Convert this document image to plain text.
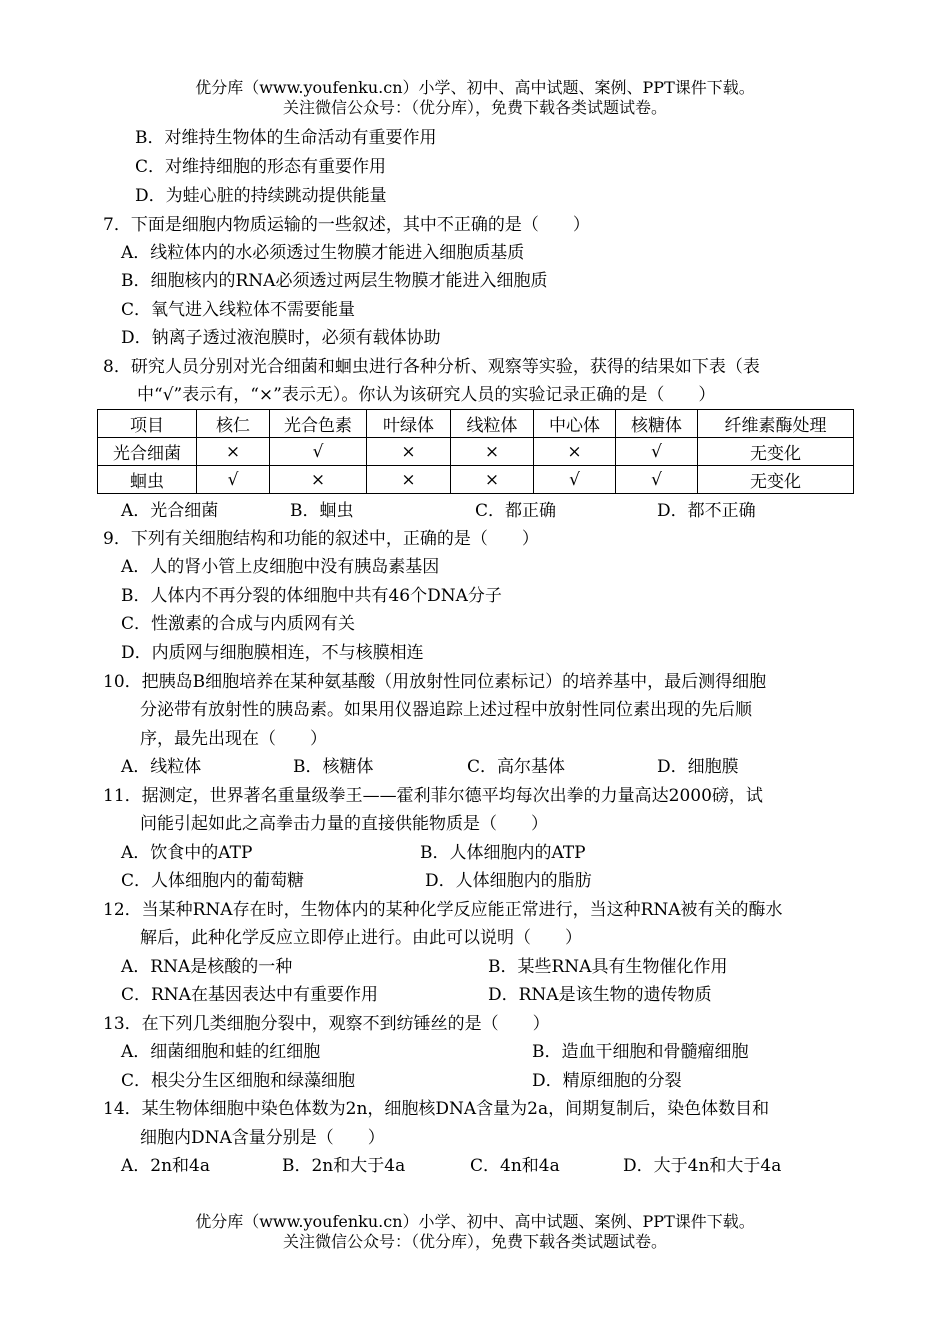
优分库（www.youfenku.cn）小学、初中、高中试题、案例、PPT课件下载。
关注微信公众号：（优分库），免费下载各类试题试卷。
B．对维持生物体的生命活动有重要作用
C．对维持细胞的形态有重要作用
D．为蛙心脏的持续跳动提供能量
7．下面是细胞内物质运输的一些叙述，其中不正确的是（　　）
A．线粒体内的水必须透过生物膜才能进入细胞质基质
B．细胞核内的RNA必须透过两层生物膜才能进入细胞质
C．氧气进入线粒体不需要能量
D．钠离子透过液泡膜时，必须有载体协助
8．研究人员分别对光合细菌和蛔虫进行各种分析、观察等实验，获得的结果如下表（表
中“√”表示有，“×”表示无）。你认为该研究人员的实验记录正确的是（　　）
项目	核仁	光合色素	叶绿体	线粒体	中心体	核糖体	纤维素酶处理
光合细菌	×	√	×	×	×	√	无变化
蛔虫	√	×	×	×	√	√	无变化
A．光合细菌	B．蛔虫	C．都正确	D．都不正确
9．下列有关细胞结构和功能的叙述中，正确的是（　　）
A．人的肾小管上皮细胞中没有胰岛素基因
B．人体内不再分裂的体细胞中共有46个DNA分子
C．性激素的合成与内质网有关
D．内质网与细胞膜相连，不与核膜相连
10．把胰岛B细胞培养在某种氨基酸（用放射性同位素标记）的培养基中，最后测得细胞
分泌带有放射性的胰岛素。如果用仪器追踪上述过程中放射性同位素出现的先后顺
序，最先出现在（　　）
A．线粒体	B．核糖体	C．高尔基体	D．细胞膜
11．据测定，世界著名重量级拳王——霍利菲尔德平均每次出拳的力量高达2000磅，试
问能引起如此之高拳击力量的直接供能物质是（　　）
A．饮食中的ATP	B．人体细胞内的ATP
C．人体细胞内的葡萄糖	D．人体细胞内的脂肪
12．当某种RNA存在时，生物体内的某种化学反应能正常进行，当这种RNA被有关的酶水
解后，此种化学反应立即停止进行。由此可以说明（　　）
A．RNA是核酸的一种	B．某些RNA具有生物催化作用
C．RNA在基因表达中有重要作用	D．RNA是该生物的遗传物质
13．在下列几类细胞分裂中，观察不到纺锤丝的是（　　）
A．细菌细胞和蛙的红细胞	B．造血干细胞和骨髓瘤细胞
C．根尖分生区细胞和绿藻细胞	D．精原细胞的分裂
14．某生物体细胞中染色体数为2n，细胞核DNA含量为2a，间期复制后，染色体数目和
细胞内DNA含量分别是（　　）
A．2n和4a	B．2n和大于4a	C．4n和4a	D．大于4n和大于4a
优分库（www.youfenku.cn）小学、初中、高中试题、案例、PPT课件下载。
关注微信公众号：（优分库），免费下载各类试题试卷。
